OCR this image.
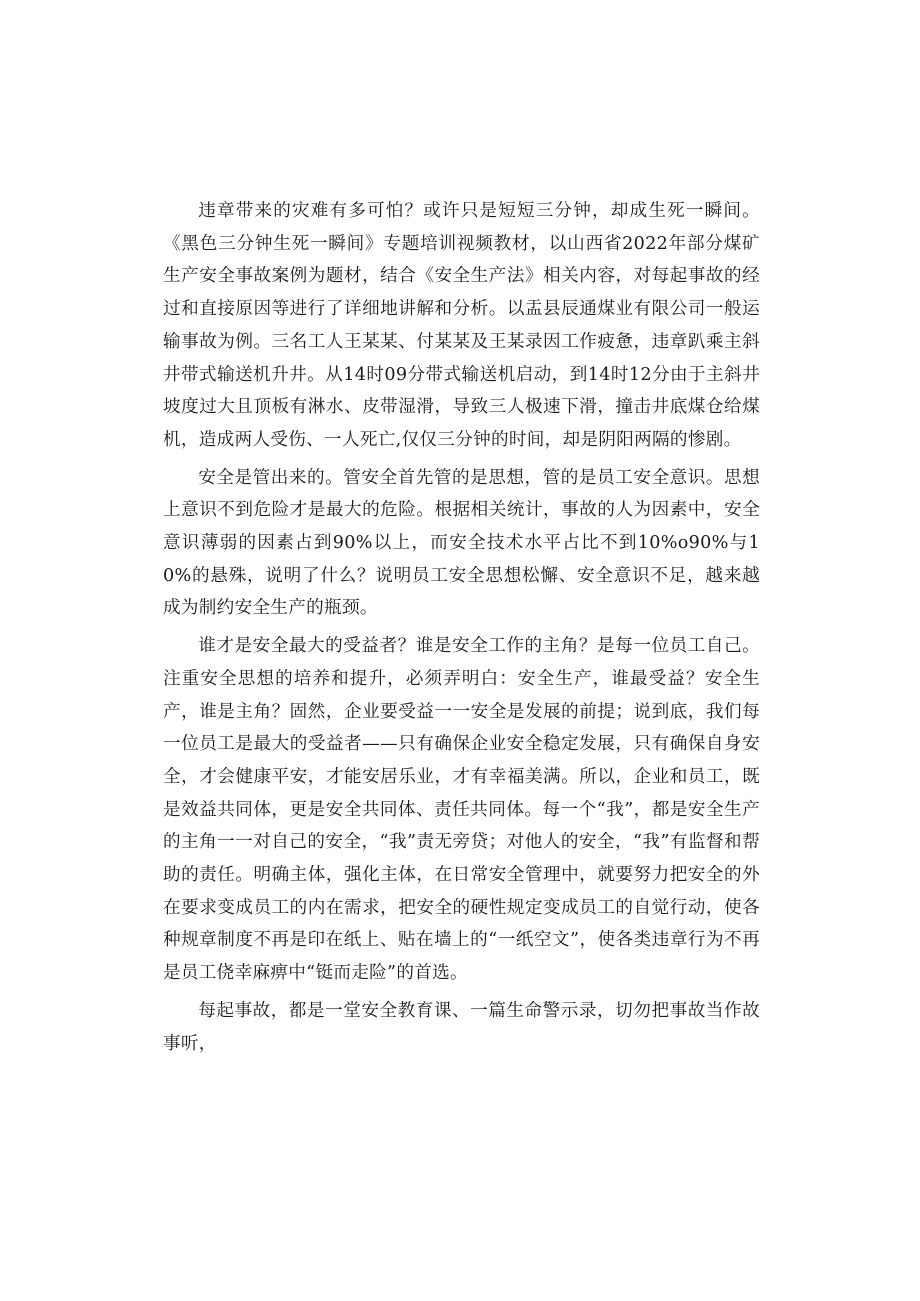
违章带来的灾难有多可怕？或许只是短短三分钟，却成生死一瞬间。《黑色三分钟生死一瞬间》专题培训视频教材，以山西省2022年部分煤矿生产安全事故案例为题材，结合《安全生产法》相关内容，对每起事故的经过和直接原因等进行了详细地讲解和分析。以盂县辰通煤业有限公司一般运输事故为例。三名工人王某某、付某某及王某录因工作疲惫，违章趴乘主斜井带式输送机升井。从14时09分带式输送机启动，到14时12分由于主斜井坡度过大且顶板有淋水、皮带湿滑，导致三人极速下滑，撞击井底煤仓给煤机，造成两人受伤、一人死亡,仅仅三分钟的时间，却是阴阳两隔的惨剧。

安全是管出来的。管安全首先管的是思想，管的是员工安全意识。思想上意识不到危险才是最大的危险。根据相关统计，事故的人为因素中，安全意识薄弱的因素占到90%以上，而安全技术水平占比不到10%o90%与10%的悬殊，说明了什么？说明员工安全思想松懈、安全意识不足，越来越成为制约安全生产的瓶颈。

谁才是安全最大的受益者？谁是安全工作的主角？是每一位员工自己。注重安全思想的培养和提升，必须弄明白：安全生产，谁最受益？安全生产，谁是主角？固然，企业要受益一一安全是发展的前提；说到底，我们每一位员工是最大的受益者——只有确保企业安全稳定发展，只有确保自身安全，才会健康平安，才能安居乐业，才有幸福美满。所以，企业和员工，既是效益共同体，更是安全共同体、责任共同体。每一个“我”，都是安全生产的主角一一对自己的安全，“我”责无旁贷；对他人的安全，“我”有监督和帮助的责任。明确主体，强化主体，在日常安全管理中，就要努力把安全的外在要求变成员工的内在需求，把安全的硬性规定变成员工的自觉行动，使各种规章制度不再是印在纸上、贴在墙上的“一纸空文”，使各类违章行为不再是员工侥幸麻痹中“铤而走险”的首选。

每起事故，都是一堂安全教育课、一篇生命警示录，切勿把事故当作故事听，
